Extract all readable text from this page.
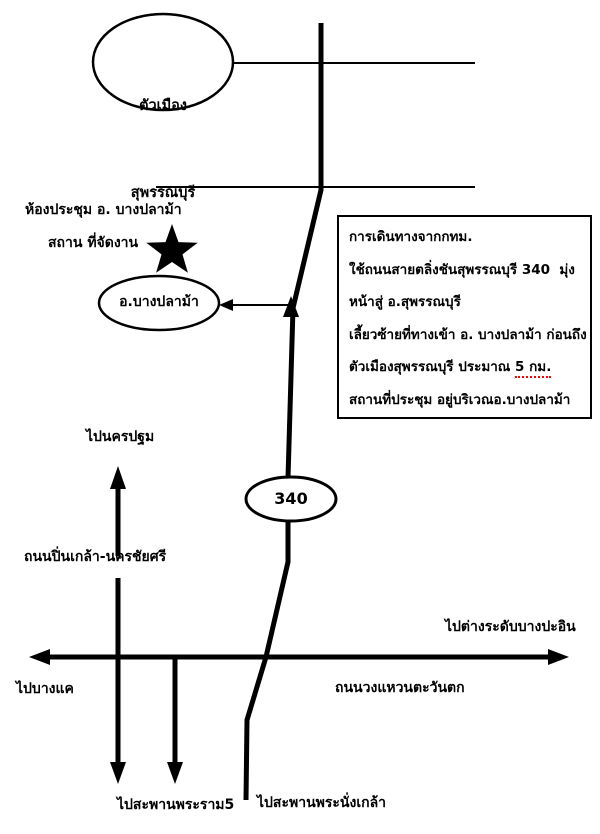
ตัวเมือง

สุพรรณบุรี

ห้องประชุม อ. บางปลาม้า
สถาน ที่จัดงาน
อ.บางปลาม้า
340
การเดินทางจากกทม.
ใช้ถนนสายตลิ่งชันสุพรรณบุรี 340  มุ่ง
หน้าสู่ อ.สุพรรณบุรี
เลี้ยวซ้ายที่ทางเข้า อ. บางปลาม้า ก่อนถึง
ตัวเมืองสุพรรณบุรี ประมาณ 5 กม.
สถานที่ประชุม อยู่บริเวณอ.บางปลาม้า
ไปนครปฐม
ถนนปิ่นเกล้า-นครชัยศรี
ไปบางแค
ไปต่างระดับบางปะอิน
ถนนวงแหวนตะวันตก
ไปสะพานพระราม5 ไปสะพานพระนั่งเกล้า
